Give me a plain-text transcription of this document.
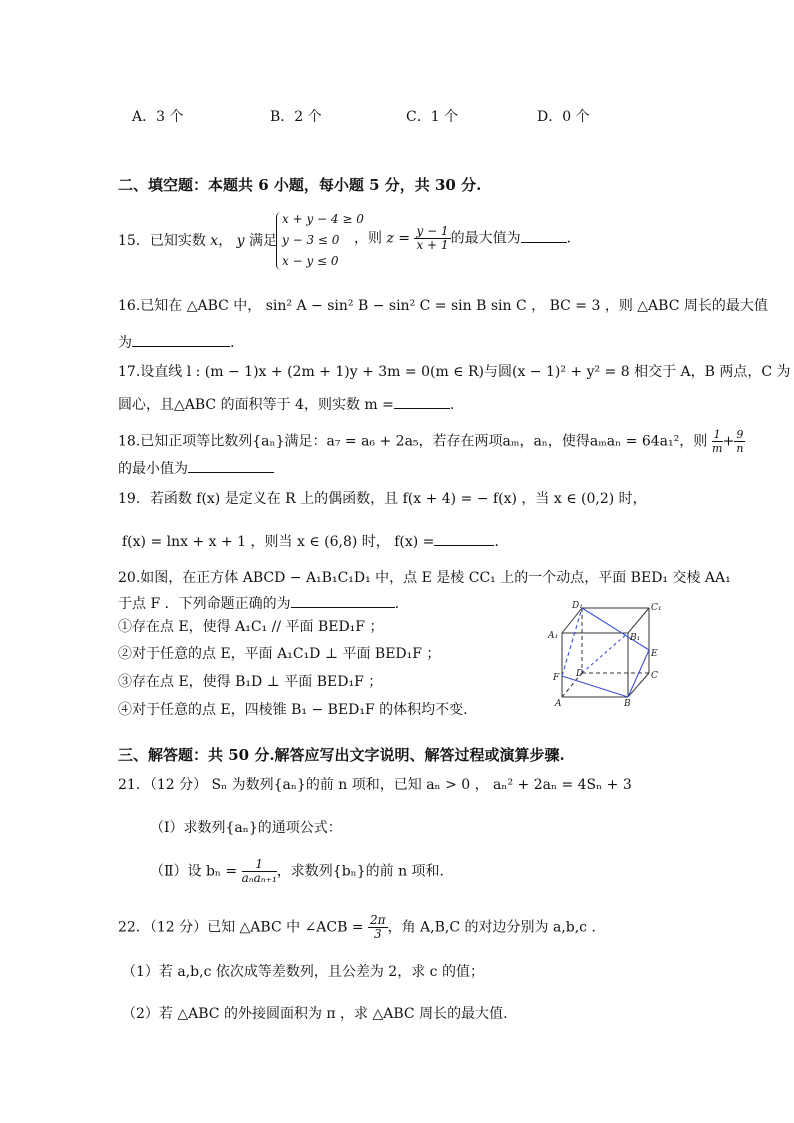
A．3 个	B．2 个	C．1 个	D．0 个
二、填空题：本题共 6 小题，每小题 5 分，共 30 分.
15．已知实数 x， y 满足
x + y − 4 ≥ 0
y − 3 ≤ 0
x − y ≤ 0
，则 $z = \frac{y - 1}{x + 1}$ 的最大值为	.
16.已知在 △ABC 中， sin² A − sin² B − sin² C = sin B sin C ， BC = 3 ，则 △ABC 周长的最大值
为	.
17.设直线 l : (m − 1)x + (2m + 1)y + 3m = 0(m ∈ R)与圆(x − 1)² + y² = 8 相交于 A，B 两点，C 为
圆心，且△ABC 的面积等于 4，则实数 m =	.
18.已知正项等比数列{aₙ}满足：a₇ = a₆ + 2a₅，若存在两项aₘ，aₙ，使得aₘaₙ = 64a₁²，则 $\frac{1}{m} + \frac{9}{n}$
的最小值为
19．若函数 f(x) 是定义在 R 上的偶函数，且 f(x + 4) = − f(x) ，当 x ∈ (0,2) 时，
f(x) = lnx + x + 1 ，则当 x ∈ (6,8) 时， f(x) =	.
20.如图，在正方体 ABCD − A₁B₁C₁D₁ 中，点 E 是棱 CC₁ 上的一个动点，平面 BED₁ 交棱 AA₁
于点 F ．下列命题正确的为	.
①存在点 E，使得 A₁C₁ // 平面 BED₁F ；
②对于任意的点 E，平面 A₁C₁D ⊥ 平面 BED₁F ；
③存在点 E，使得 B₁D ⊥ 平面 BED₁F ；
④对于任意的点 E，四棱锥 B₁ − BED₁F 的体积均不变.
D₁	C₁
A₁	B₁
E
D	C
F
A	B
三、解答题：共 50 分.解答应写出文字说明、解答过程或演算步骤.
21．（12 分） Sₙ 为数列{aₙ}的前 n 项和，已知 aₙ > 0 ， aₙ² + 2aₙ = 4Sₙ + 3
（Ⅰ）求数列{aₙ}的通项公式：
（Ⅱ）设 $b_n = \frac{1}{\text{aₙaₙ₊₁}}$ ，求数列{bₙ}的前 n 项和.
22．（12 分）已知 △ABC 中 ∠ACB = $\frac{2\pi}{3}$ ，角 A,B,C 的对边分别为 a,b,c ．
（1）若 a,b,c 依次成等差数列，且公差为 2，求 c 的值；
（2）若 △ABC 的外接圆面积为 π ，求 △ABC 周长的最大值.
